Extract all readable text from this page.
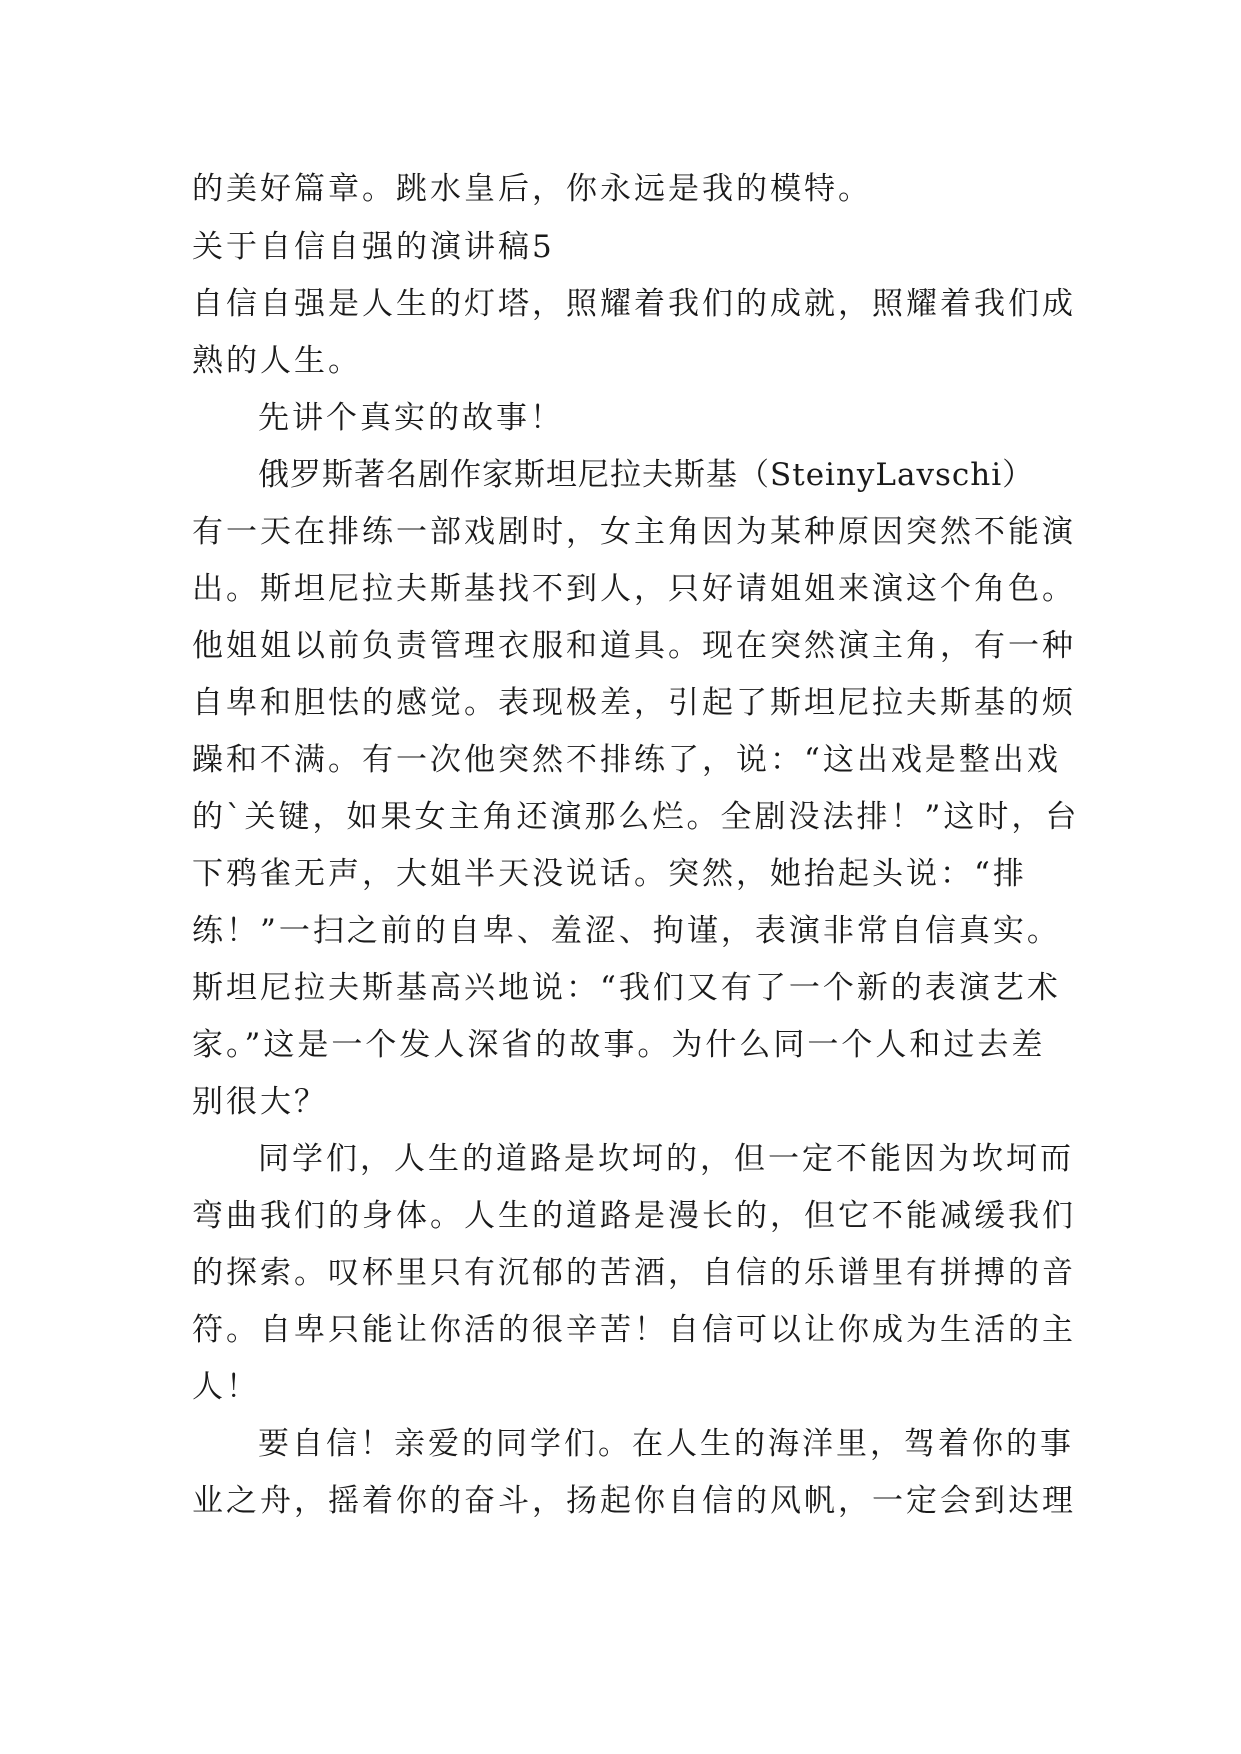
的美好篇章。跳水皇后，你永远是我的模特。
关于自信自强的演讲稿5
自信自强是人生的灯塔，照耀着我们的成就，照耀着我们成
熟的人生。
先讲个真实的故事！
俄罗斯著名剧作家斯坦尼拉夫斯基（SteinyLavschi）
有一天在排练一部戏剧时，女主角因为某种原因突然不能演
出。斯坦尼拉夫斯基找不到人，只好请姐姐来演这个角色。
他姐姐以前负责管理衣服和道具。现在突然演主角，有一种
自卑和胆怯的感觉。表现极差，引起了斯坦尼拉夫斯基的烦
躁和不满。有一次他突然不排练了，说：“这出戏是整出戏
的`关键，如果女主角还演那么烂。全剧没法排！”这时，台
下鸦雀无声，大姐半天没说话。突然，她抬起头说：“排
练！”一扫之前的自卑、羞涩、拘谨，表演非常自信真实。
斯坦尼拉夫斯基高兴地说：“我们又有了一个新的表演艺术
家。”这是一个发人深省的故事。为什么同一个人和过去差
别很大？
同学们，人生的道路是坎坷的，但一定不能因为坎坷而
弯曲我们的身体。人生的道路是漫长的，但它不能减缓我们
的探索。叹杯里只有沉郁的苦酒，自信的乐谱里有拼搏的音
符。自卑只能让你活的很辛苦！自信可以让你成为生活的主
人！
要自信！亲爱的同学们。在人生的海洋里，驾着你的事
业之舟，摇着你的奋斗，扬起你自信的风帆，一定会到达理
